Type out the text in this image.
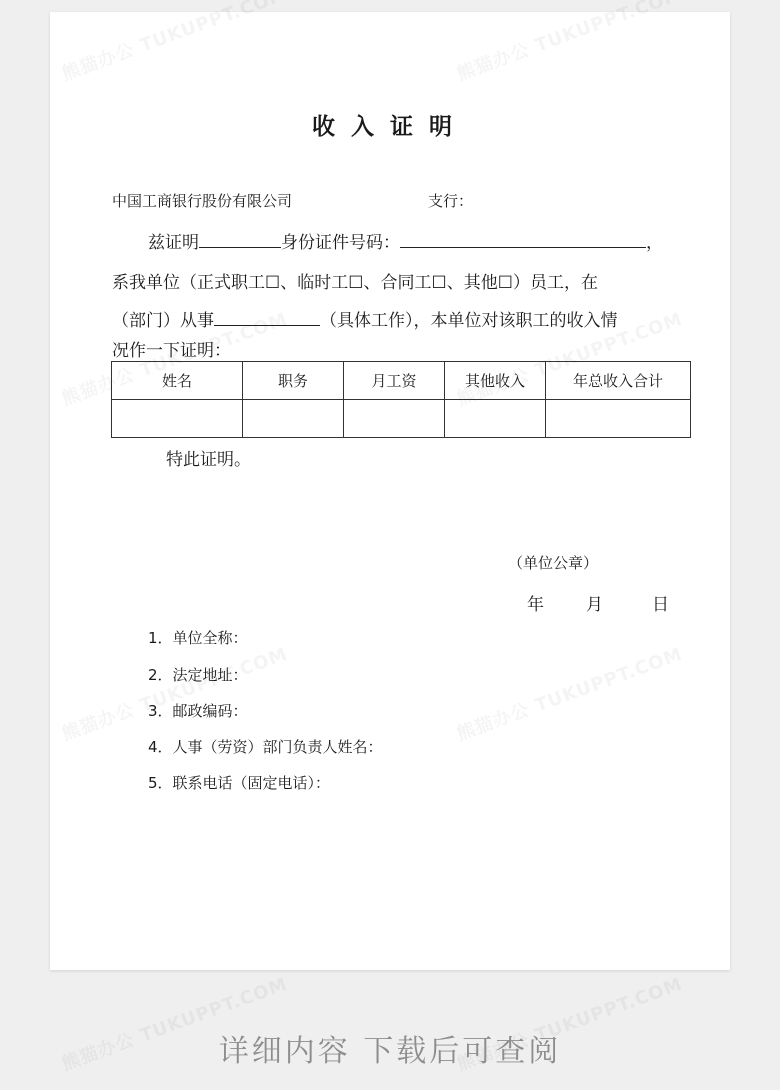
收入证明
中国工商银行股份有限公司	支行：
兹证明	身份证件号码：	，
系我单位（正式职工☐、临时工☐、合同工☐、其他☐）员工，在
（部门）从事	（具体工作），本单位对该职工的收入情
况作一下证明：
姓名	职务	月工资	其他收入	年总收入合计

特此证明。
（单位公章）
年 月	日
1．单位全称：
2．法定地址：
3．邮政编码：
4．人事（劳资）部门负责人姓名：
5．联系电话（固定电话）：
详细内容 下载后可查阅
